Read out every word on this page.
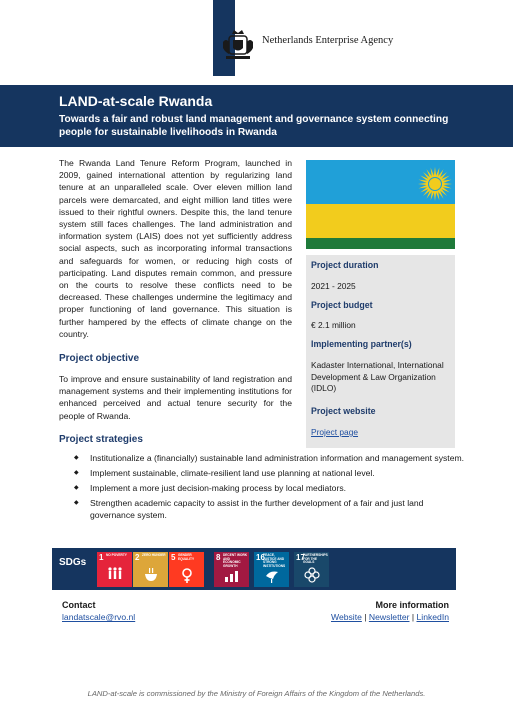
Netherlands Enterprise Agency
LAND-at-scale Rwanda
Towards a fair and robust land management and governance system connecting people for sustainable livelihoods in Rwanda
The Rwanda Land Tenure Reform Program, launched in 2009, gained international attention by regularizing land tenure at an unparalleled scale. Over eleven million land parcels were demarcated, and eight million land titles were issued to their rightful owners. Despite this, the land tenure system still faces challenges. The land administration and information system (LAIS) does not yet sufficiently address social aspects, such as incorporating informal transactions and safeguards for women, or reducing high costs of participating. Land disputes remain common, and pressure on the courts to resolve these conflicts need to be decreased. These challenges undermine the legitimacy and proper functioning of land governance. This situation is further hampered by the effects of climate change on the country.
Project objective
To improve and ensure sustainability of land registration and management systems and their implementing institutions for enhanced perceived and actual tenure security for the people of Rwanda.
Project strategies
Project duration
2021 - 2025
Project budget
€ 2.1 million
Implementing partner(s)
Kadaster International, International Development & Law Organization (IDLO)
Project website
Project page
◆ Institutionalize a (financially) sustainable land administration information and management system.
◆ Implement sustainable, climate-resilient land use planning at national level.
◆ Implement a more just decision-making process by local mediators.
◆ Strengthen academic capacity to assist in the further development of a fair and just land governance system.
SDGs 1 NO POVERTY	2 ZERO HUNGER 5 GENDER EQUALITY	8 DECENT WORK AND ECONOMIC GROWTH
16
PEACE, JUSTICE AND STRONG INSTITUTIONS
17
PARTNERSHIPS FOR THE GOALS
Contact
landatscale@rvo.nl
More information
Website | Newsletter | LinkedIn
LAND-at-scale is commissioned by the Ministry of Foreign Affairs of the Kingdom of the Netherlands.
